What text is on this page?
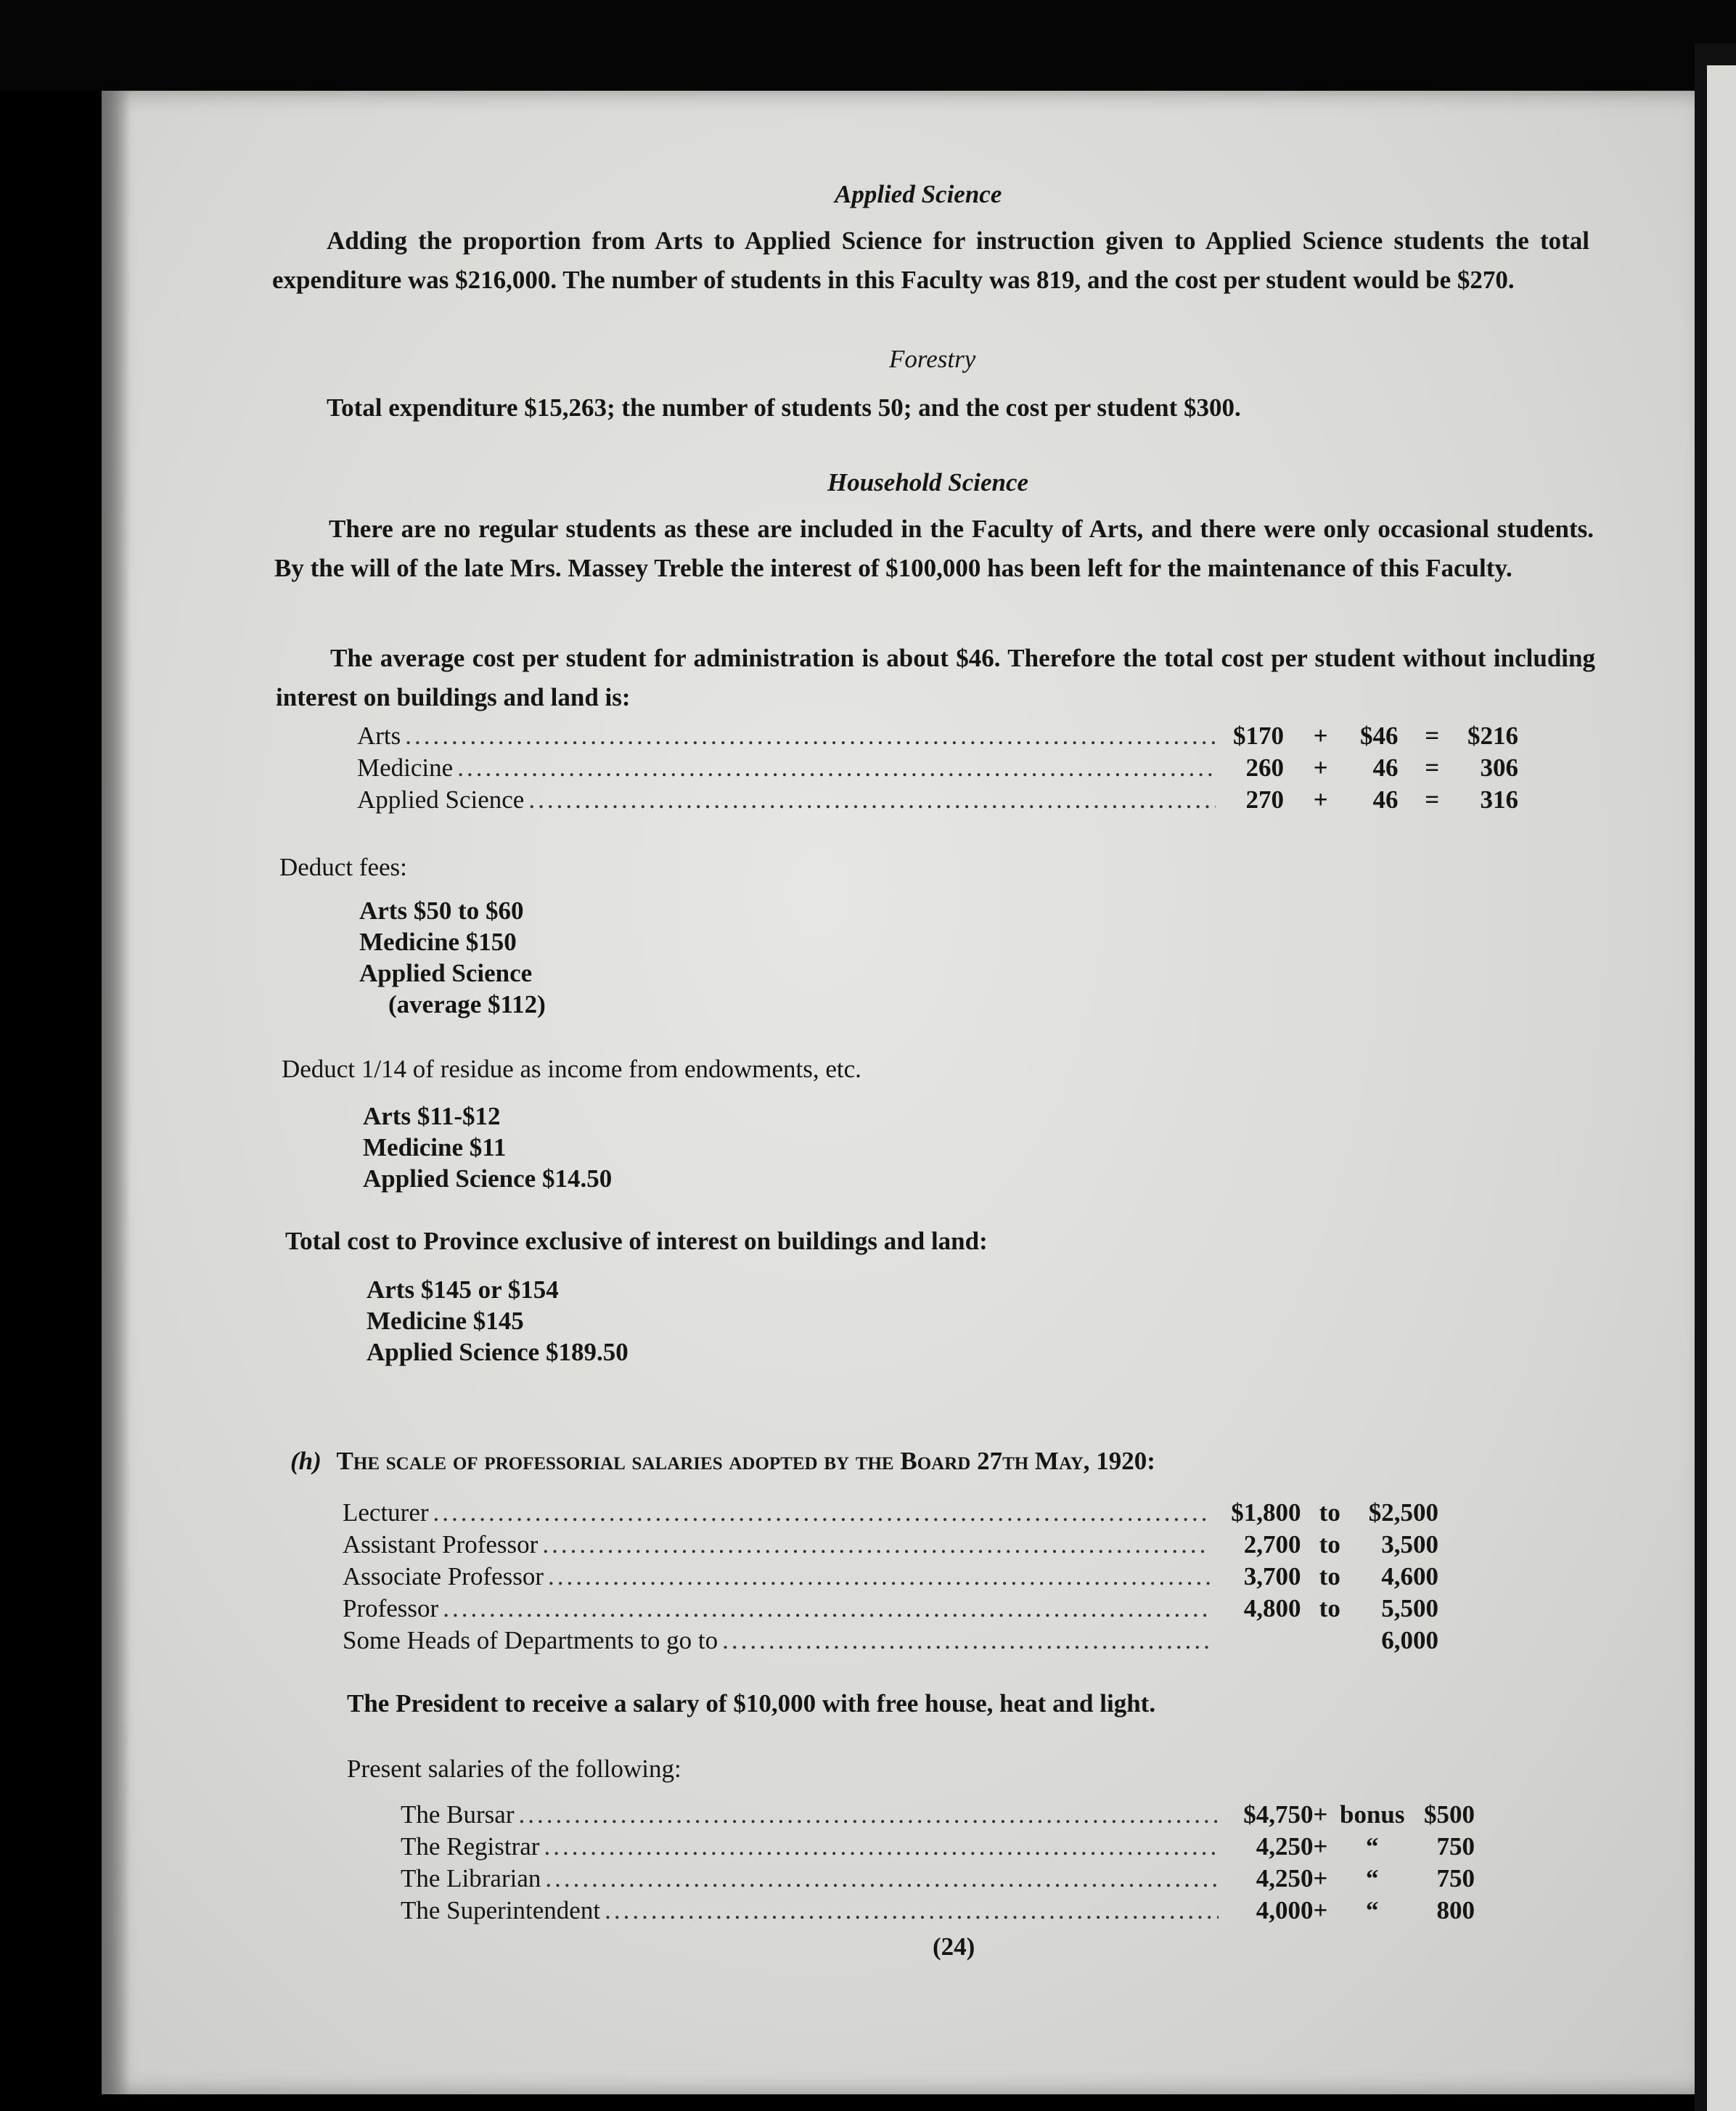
Applied Science
Adding the proportion from Arts to Applied Science for instruction given to Applied Science students the total expenditure was $216,000. The number of students in this Faculty was 819, and the cost per student would be $270.
Forestry
Total expenditure $15,263; the number of students 50; and the cost per student $300.
Household Science
There are no regular students as these are included in the Faculty of Arts, and there were only occasional students. By the will of the late Mrs. Massey Treble the interest of $100,000 has been left for the maintenance of this Faculty.
The average cost per student for administration is about $46. Therefore the total cost per student without including interest on buildings and land is:
Arts .....	$170 + $46 = $216
Medicine .....	260 + 46 = 306
Applied Science .....	270 + 46 = 316
Deduct fees:
Arts $50 to $60
Medicine $150
Applied Science
(average $112)
Deduct 1/14 of residue as income from endowments, etc.
Arts $11-$12
Medicine $11
Applied Science $14.50
Total cost to Province exclusive of interest on buildings and land:
Arts $145 or $154
Medicine $145
Applied Science $189.50
(h) The scale of professorial salaries adopted by the Board 27th May, 1920:
Lecturer .....	$1,800 to $2,500
Assistant Professor .....	2,700 to 3,500
Associate Professor .....	3,700 to 4,600
Professor .....	4,800 to 5,500
Some Heads of Departments to go to .....	6,000
The President to receive a salary of $10,000 with free house, heat and light.
Present salaries of the following:
The Bursar .....	$4,750+ bonus $500
The Registrar .....	4,250+ “ 750
The Librarian .....	4,250+ “ 750
The Superintendent .....	4,000+ “ 800
(24)
